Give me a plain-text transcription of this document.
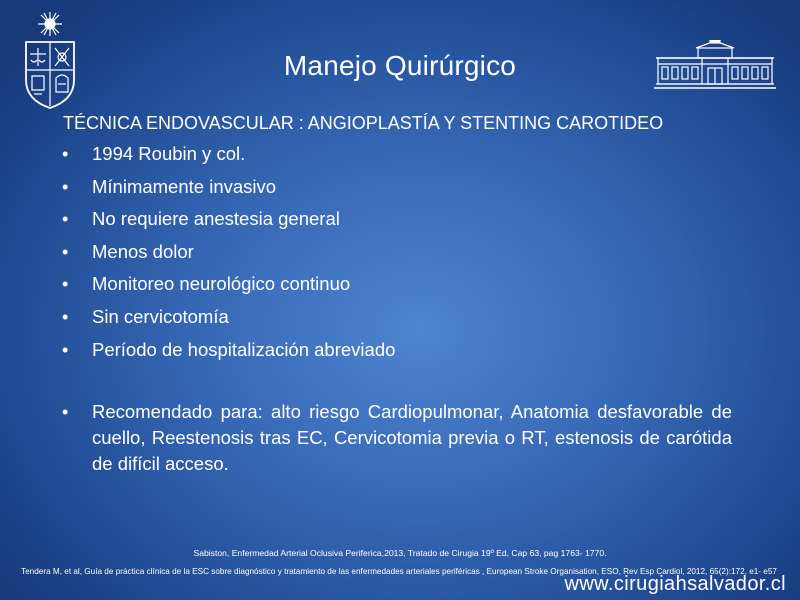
Manejo Quirúrgico
TÉCNICA ENDOVASCULAR : ANGIOPLASTÍA Y STENTING CAROTIDEO
• 1994 Roubin y col.
• Mínimamente invasivo
• No requiere anestesia general
• Menos dolor
• Monitoreo neurológico continuo
• Sin cervicotomía
• Período de hospitalización abreviado
• Recomendado para: alto riesgo Cardiopulmonar, Anatomia desfavorable de cuello, Reestenosis tras EC, Cervicotomia previa o RT, estenosis de carótida de difícil acceso.
Sabiston, Enfermedad Arterial Oclusiva Periferica,2013, Tratado de Cirugia 19º Ed, Cap 63, pag 1763- 1770.
Tendera M, et al, Guía de práctica clínica de la ESC sobre diagnóstico y tratamiento de las enfermedades arteriales periféricas , European Stroke Organisation, ESO, Rev Esp Cardiol, 2012, 65(2):172, e1- e57
www.cirugiahsalvador.cl
